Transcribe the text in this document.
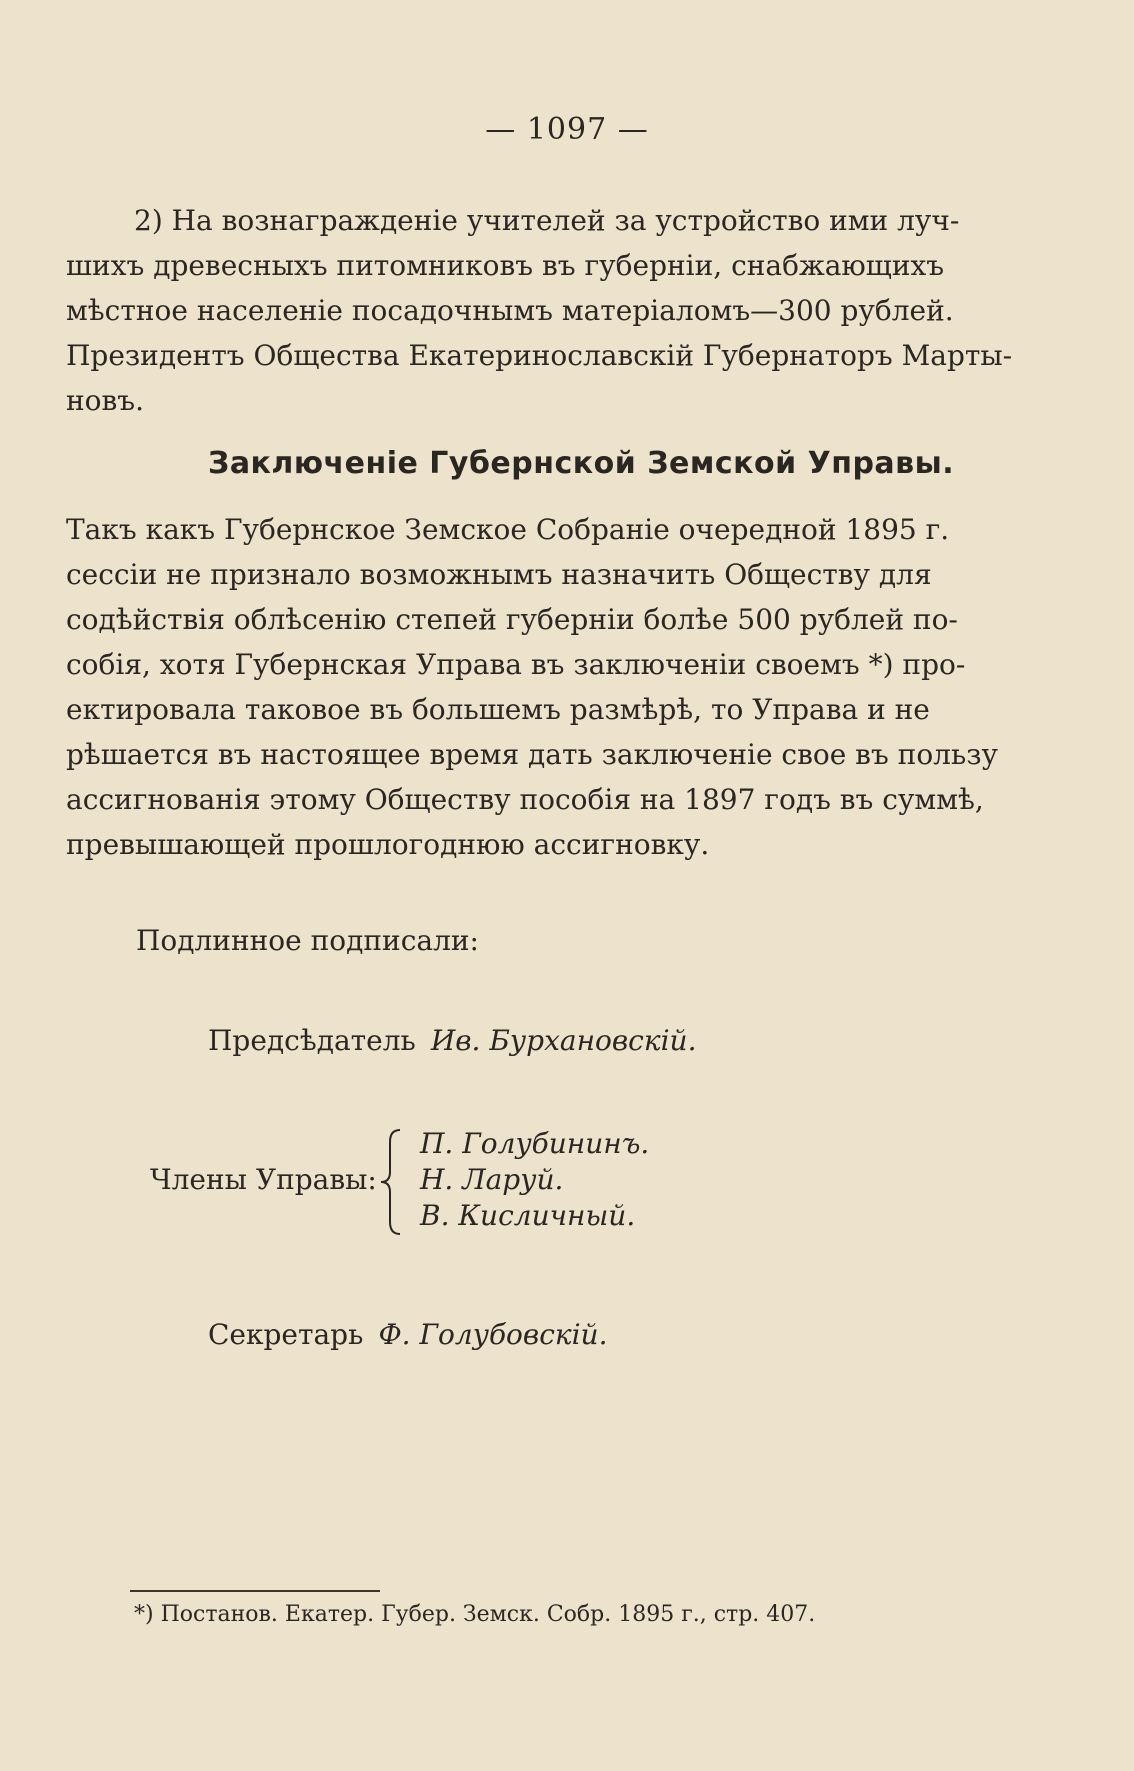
— 1097 —
2) На вознагражденіе учителей за устройство ими луч-
шихъ древесныхъ питомниковъ въ губерніи, снабжающихъ
мѣстное населеніе посадочнымъ матеріаломъ—300 рублей.
Президентъ Общества Екатеринославскій Губернаторъ Марты-
новъ.
Заключеніе Губернской Земской Управы.
Такъ какъ Губернское Земское Собраніе очередной 1895 г.
сессіи не признало возможнымъ назначить Обществу для
содѣйствія облѣсенію степей губерніи болѣе 500 рублей по-
собія, хотя Губернская Управа въ заключеніи своемъ *) про-
ектировала таковое въ большемъ размѣрѣ, то Управа и не
рѣшается въ настоящее время дать заключеніе свое въ пользу
ассигнованія этому Обществу пособія на 1897 годъ въ суммѣ,
превышающей прошлогоднюю ассигновку.
Подлинное подписали:
Предсѣдатель Ив. Бурхановскій.
Члены Управы:
П. Голубининъ.
Н. Ларуй.
В. Кисличный.
Секретарь Ф. Голубовскій.
*) Постанов. Екатер. Губер. Земск. Собр. 1895 г., стр. 407.
